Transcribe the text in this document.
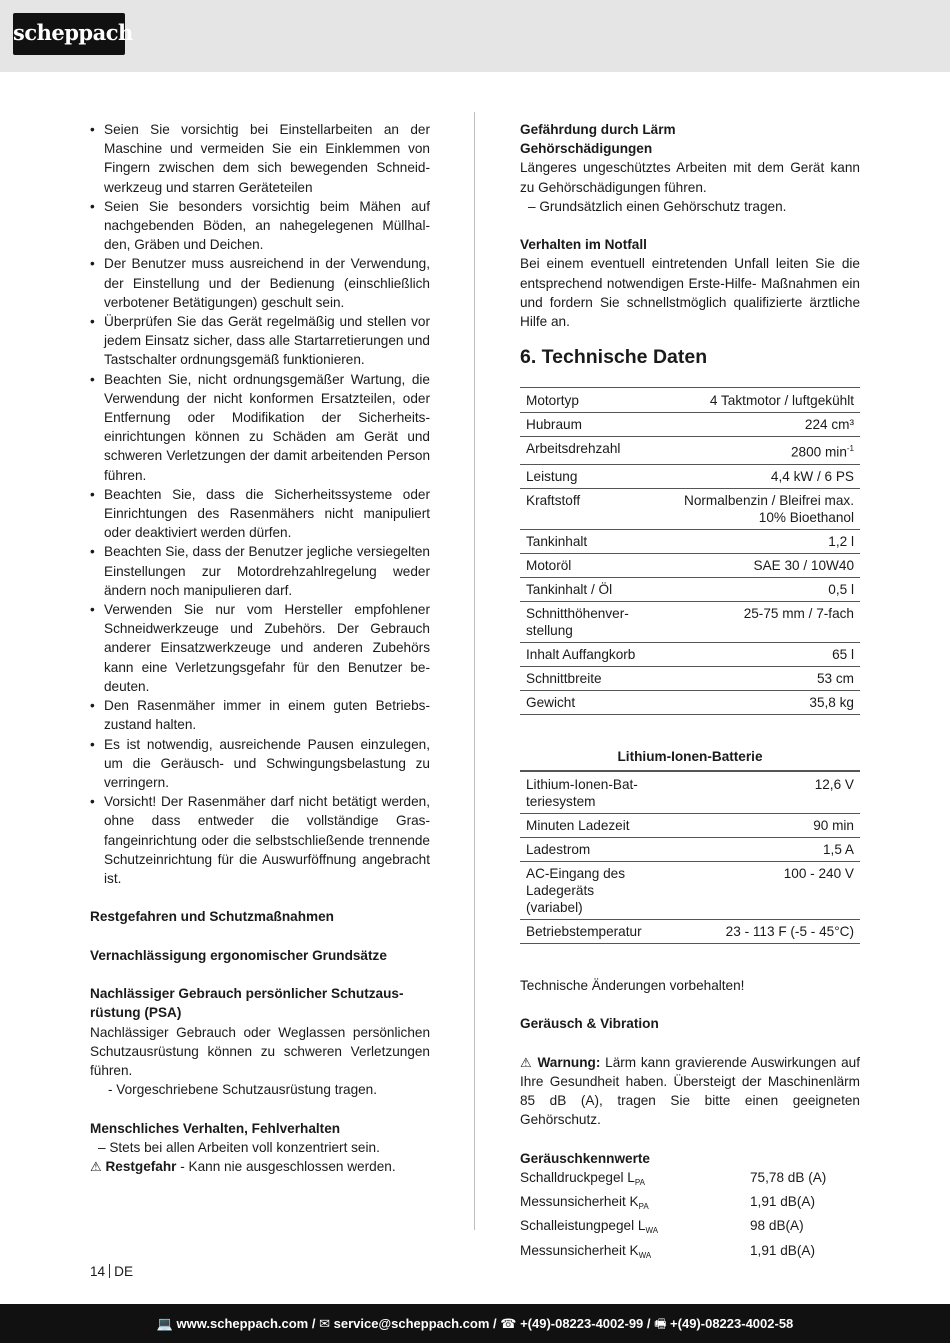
scheppach
• Seien Sie vorsichtig bei Einstellarbeiten an der Maschine und vermeiden Sie ein Einklemmen von Fingern zwischen dem sich bewegenden Schneidwerkzeug und starren Geräteteilen
• Seien Sie besonders vorsichtig beim Mähen auf nachgebenden Böden, an nahegelegenen Müllhalden, Gräben und Deichen.
• Der Benutzer muss ausreichend in der Verwendung, der Einstellung und der Bedienung (einschließlich verbotener Betätigungen) geschult sein.
• Überprüfen Sie das Gerät regelmäßig und stellen vor jedem Einsatz sicher, dass alle Startarretierungen und Tastschalter ordnungsgemäß funktionieren.
• Beachten Sie, nicht ordnungsgemäßer Wartung, die Verwendung der nicht konformen Ersatzteilen, oder Entfernung oder Modifikation der Sicherheitseinrichtungen können zu Schäden am Gerät und schweren Verletzungen der damit arbeitenden Person führen.
• Beachten Sie, dass die Sicherheitssysteme oder Einrichtungen des Rasenmähers nicht manipuliert oder deaktiviert werden dürfen.
• Beachten Sie, dass der Benutzer jegliche versiegelten Einstellungen zur Motordrehzahlregelung weder ändern noch manipulieren darf.
• Verwenden Sie nur vom Hersteller empfohlener Schneidwerkzeuge und Zubehörs. Der Gebrauch anderer Einsatzwerkzeuge und anderen Zubehörs kann eine Verletzungsgefahr für den Benutzer bedeuten.
• Den Rasenmäher immer in einem guten Betriebszustand halten.
• Es ist notwendig, ausreichende Pausen einzulegen, um die Geräusch- und Schwingungsbelastung zu verringern.
• Vorsicht! Der Rasenmäher darf nicht betätigt werden, ohne dass entweder die vollständige Grasfangeinrichtung oder die selbstschließende trennende Schutzeinrichtung für die Auswurföffnung angebracht ist.
Restgefahren und Schutzmaßnahmen
Vernachlässigung ergonomischer Grundsätze
Nachlässiger Gebrauch persönlicher Schutzausrüstung (PSA)

Nachlässiger Gebrauch oder Weglassen persönlichen Schutzausrüstung können zu schweren Verletzungen führen.

- Vorgeschriebene Schutzausrüstung tragen.
Menschliches Verhalten, Fehlverhalten
– Stets bei allen Arbeiten voll konzentriert sein.
⚠ Restgefahr - Kann nie ausgeschlossen werden.
Gefährdung durch Lärm
Gehörschädigungen

Längeres ungeschütztes Arbeiten mit dem Gerät kann zu Gehörschädigungen führen.

– Grundsätzlich einen Gehörschutz tragen.
Verhalten im Notfall

Bei einem eventuell eintretenden Unfall leiten Sie die entsprechend notwendigen Erste-Hilfe- Maßnahmen ein und fordern Sie schnellstmöglich qualifizierte ärztliche Hilfe an.

6. Technische Daten
Motortyp	4 Taktmotor / luftgekühlt
Hubraum	224 cm³
Arbeitsdrehzahl	2800 $\min^{-1}$
Leistung	4,4 kW / 6 PS
Kraftstoff	Normalbenzin / Bleifrei max. 10% Bioethanol
Tankinhalt	1,2 l
Motoröl	SAE 30 / 10W40
Tankinhalt / Öl	0,5 l
Schnitthöhenverstellung	25-75 mm / 7-fach
Inhalt Auffangkorb	65 l
Schnittbreite	53 cm
Gewicht	35,8 kg
Lithium-Ionen-Batterie
Lithium-Ionen-Batteriesystem	12,6 V
Minuten Ladezeit	90 min
Ladestrom	1,5 A
AC-Eingang des Ladegeräts (variabel)	100 - 240 V
Betriebstemperatur	23 - 113 F (-5 - 45°C)
Technische Änderungen vorbehalten!
Geräusch & Vibration

⚠ Warnung: Lärm kann gravierende Auswirkungen auf Ihre Gesundheit haben. Übersteigt der Maschinenlärm 85 dB (A), tragen Sie bitte einen geeigneten Gehörschutz.

Geräuschkennwerte
Schalldruckpegel $L_{PA}$	75,78 dB (A)
Messunsicherheit $K_{PA}$	1,91 dB(A)
Schalleistungpegel $L_{WA}$	98 dB(A)
Messunsicherheit $K_{WA}$	1,91 dB(A)
14 DE
💻 www.scheppach.com / ✉ service@scheppach.com / ☎ +(49)-08223-4002-99 / 🖷 +(49)-08223-4002-58
